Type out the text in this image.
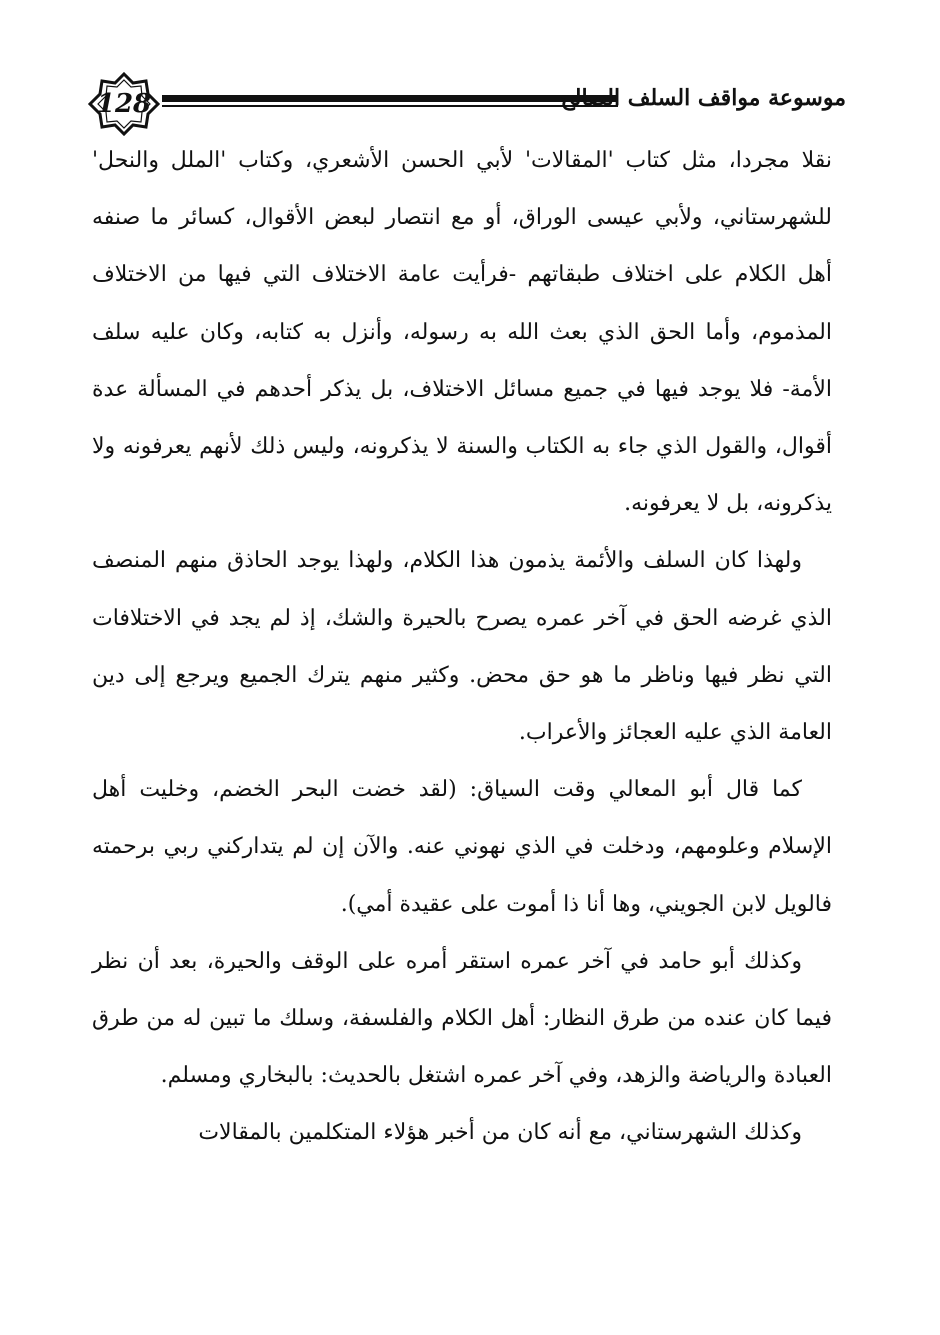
128	موسوعة مواقف السلف الصالح

نقلا مجردا، مثل كتاب 'المقالات' لأبي الحسن الأشعري، وكتاب 'الملل والنحل' للشهرستاني، ولأبي عيسى الوراق، أو مع انتصار لبعض الأقوال، كسائر ما صنفه أهل الكلام على اختلاف طبقاتهم -فرأيت عامة الاختلاف التي فيها من الاختلاف المذموم، وأما الحق الذي بعث الله به رسوله، وأنزل به كتابه، وكان عليه سلف الأمة- فلا يوجد فيها في جميع مسائل الاختلاف، بل يذكر أحدهم في المسألة عدة أقوال، والقول الذي جاء به الكتاب والسنة لا يذكرونه، وليس ذلك لأنهم يعرفونه ولا يذكرونه، بل لا يعرفونه.

ولهذا كان السلف والأئمة يذمون هذا الكلام، ولهذا يوجد الحاذق منهم المنصف الذي غرضه الحق في آخر عمره يصرح بالحيرة والشك، إذ لم يجد في الاختلافات التي نظر فيها وناظر ما هو حق محض. وكثير منهم يترك الجميع ويرجع إلى دين العامة الذي عليه العجائز والأعراب.

كما قال أبو المعالي وقت السياق: (لقد خضت البحر الخضم، وخليت أهل الإسلام وعلومهم، ودخلت في الذي نهوني عنه. والآن إن لم يتداركني ربي برحمته فالويل لابن الجويني، وها أنا ذا أموت على عقيدة أمي).

وكذلك أبو حامد في آخر عمره استقر أمره على الوقف والحيرة، بعد أن نظر فيما كان عنده من طرق النظار: أهل الكلام والفلسفة، وسلك ما تبين له من طرق العبادة والرياضة والزهد، وفي آخر عمره اشتغل بالحديث: بالبخاري ومسلم.

وكذلك الشهرستاني، مع أنه كان من أخبر هؤلاء المتكلمين بالمقالات
